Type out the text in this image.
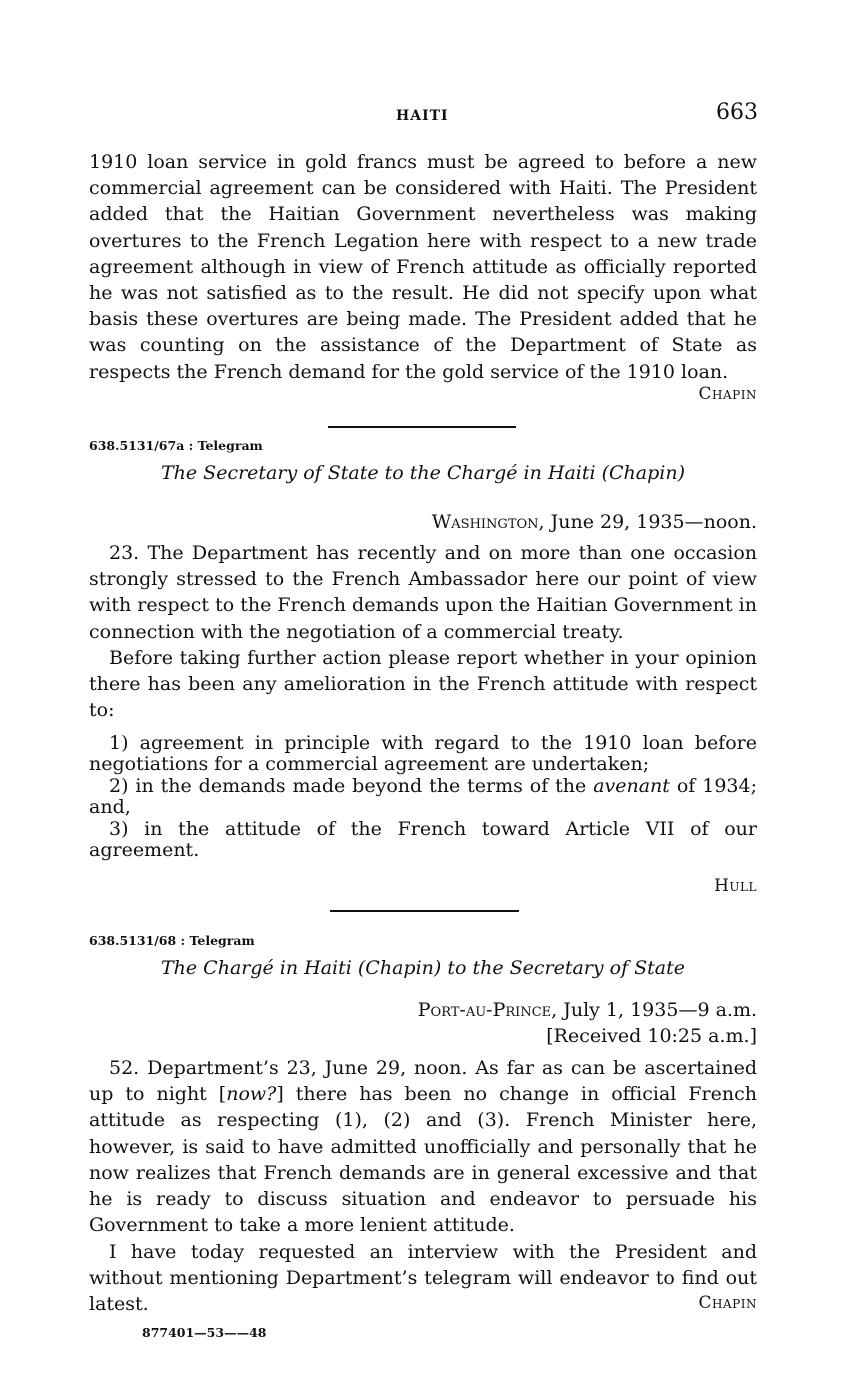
HAITI	663

1910 loan service in gold francs must be agreed to before a new commercial agreement can be considered with Haiti. The President added that the Haitian Government nevertheless was making overtures to the French Legation here with respect to a new trade agreement although in view of French attitude as officially reported he was not satisfied as to the result. He did not specify upon what basis these overtures are being made. The President added that he was counting on the assistance of the Department of State as respects the French demand for the gold service of the 1910 loan.

Chapin
638.5131/67a : Telegram
The Secretary of State to the Chargé in Haiti (Chapin)
Washington, June 29, 1935—noon.

23. The Department has recently and on more than one occasion strongly stressed to the French Ambassador here our point of view with respect to the French demands upon the Haitian Government in connection with the negotiation of a commercial treaty.

Before taking further action please report whether in your opinion there has been any amelioration in the French attitude with respect to:

1) agreement in principle with regard to the 1910 loan before negotiations for a commercial agreement are undertaken;

2) in the demands made beyond the terms of the avenant of 1934; and,

3) in the attitude of the French toward Article VII of our agreement.

Hull
638.5131/68 : Telegram
The Chargé in Haiti (Chapin) to the Secretary of State
Port-au-Prince, July 1, 1935—9 a.m.
[Received 10:25 a.m.]

52. Department’s 23, June 29, noon. As far as can be ascertained up to night [now?] there has been no change in official French attitude as respecting (1), (2) and (3). French Minister here, however, is said to have admitted unofficially and personally that he now realizes that French demands are in general excessive and that he is ready to discuss situation and endeavor to persuade his Government to take a more lenient attitude.

I have today requested an interview with the President and without mentioning Department’s telegram will endeavor to find out latest.	Chapin
877401—53——48
